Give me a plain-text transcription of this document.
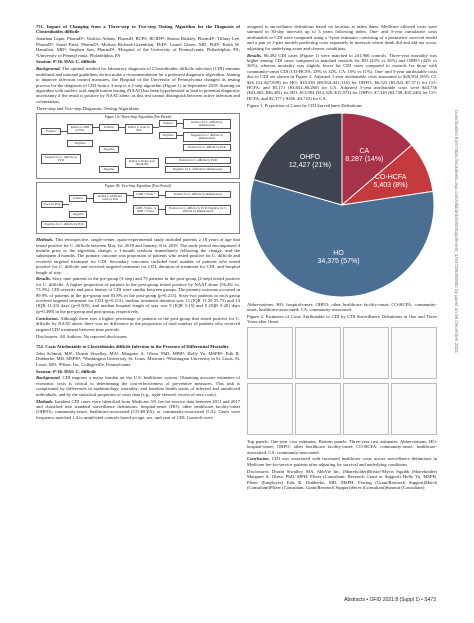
751. Impact of Changing from a Three-step to Two-step Testing Algorithm for the Diagnosis of Clostridioides difficile

Jonathan Lapin, PharmD¹; Vasilios Athans, PharmD, BCPS, BCIDP¹; Shawn Binkley, PharmD¹; Tiffany Lee, PharmD²; Sonal Patel, PharmD²; Melissa Richard-Greenblatt, PhD²; Laurel Glaser, MD, PhD²; Keith W. Hamilton, MD²; Stephen Saw, PharmD¹; ¹Hospital of the University of Pennsylvania, Philadelphia, PA; ²University of Pennsylvania, Philadelphia, PA

Session: P-36. HAI: C. difficile

Background. The optimal method for laboratory diagnosis of Clostridioides difficile infection (CDI) remains undefined and national guidelines do not make a recommendation for a preferred diagnostic algorithm. Aiming to improve infection control measures, the Hospital of the University of Pennsylvania changed its testing process for the diagnosis of CDI from a 3-step to a 2-step algorithm (Figure 1) in September 2018. Starting an algorithm with nucleic acid amplification testing (NAAT) has been hypothesized to lead to potential diagnostic uncertainty if the result is positive by NAAT alone, as this test cannot distinguish between active infection and colonization.

Three-step and Two-step Diagnostic Testing Algorithms

Figure 1A: Three-Step Algorithm (Pre-Period)
Positive
Reflex to GDH by EIA
Negative
Negative for C. difficile by PCR
Positive	Reflex to toxin by EIA
Positive	Positive for C. difficile by immunoassay
Negative	Negative for C. difficile by immunoassay
Negative	Positive for C. difficile by PCR
Reflex to PCR (cycle threshold)
Negative
Positive for C. difficile by PCR
Negative for C. difficile by immunoassay
Figure 1B: Two-Step Algorithm (Post-Period)
Stool for PCR
Positive	Reflex to GDH and toxin by EIA
Negative
Negative for C. difficile by PCR
GDH +/Toxin +	Positive for C. difficile by immunoassay
GDH -/Toxin - or GDH +/Toxin -
Positive for C. difficile by PCR; Negative for C. difficile by immunoassay

Methods. This retrospective, single-center, quasi-experimental study included patients ≥ 18 years of age that tested positive for C. difficile between May 1st, 2018 and January 31st, 2019. The study period encompassed 4 months prior to the algorithm change, a 1-month washout immediately following the change, and the subsequent 4 months. The primary outcome was proportion of patients who tested positive for C. difficile and received targeted treatment for CDI. Secondary outcomes included total number of patients who tested positive for C. difficile and received targeted treatment for CDI, duration of treatment for CDI, and hospital length of stay.

Results. Sixty nine patients in the pre-group (3-step) and 75 patients in the post-group (2-step) tested positive for C. difficile. A higher proportion of patients in the post-group tested positive by NAAT alone (56.4% vs. 73.3%). CDI severity and prior history of CDI were similar between groups. The primary outcome occurred in 89.9% of patients in the pre-group and 83.8% in the post-group (p=0.213). Sixty-two patients in each group received targeted treatment for CDI (p=0.213), median treatment duration was 13 (IQR 11.25-25.75) and 14 (IQR 11-25) days (p=0.505), and median hospital length of stay was 9 (IQR 3-15) and 8 (IQR 3-20) days (p=0.490) in the pre-group and post-group, respectively.

Conclusion. Although there was a higher percentage of patients in the post-group that tested positive for C. difficile by NAAT alone, there was no difference in the proportion of total number of patients who received targeted CDI treatment between time periods.

Disclosures. All Authors: No reported disclosures

752. Costs Attributable to Clostridioides difficile Infection in the Presence of Differential Mortality

John Schmitt, MS¹; Dustin Stwalley, MA¹; Margaret A. Olsen, PhD, MPH²; Holly Yu, MSPH³; Erik R. Dubberke, MD, MSPH¹; ¹Washington University, St. Louis, Missouri; ²Washington University in St. Louis, St. Louis, MO; ³Pfizer, Inc, Collegeville, Pennsylvania

Session: P-36. HAI: C. difficile

Background. CDI imposes a major burden on the U.S. healthcare system. Obtaining accurate estimates of economic costs is critical to determining the cost-effectiveness of preventive measures. This task is complicated by differences in epidemiology, mortality, and baseline health status of infected and uninfected individuals, and by the statistical properties of costs data (e.g., right-skewed, excess of zero costs).

Methods. Incident CDI cases were identified from Medicare 5% fee-for-service data between 2011 and 2017 and classified into standard surveillance definitions: hospital-onset (HO), other healthcare facility-onset (OHFO), community-onset, healthcare-associated (CO-HCFA), or community-associated (CA). Cases were frequency matched 1:4 to uninfected controls based on age, sex, and year of CDI. Controls were

assigned to surveillance definitions based on location at index dates. Medicare allowed costs were summed in 30-day intervals up to 3 years following index. One- and 3-year cumulative costs attributable to CDI were computed using a 3-part estimator consisting of a parametric survival model and a pair of 2-part models predicting costs separately in intervals where death did and did not occur, adjusting for underlying acute and chronic conditions.

Results. 80,492 CDI cases (Figure 1) were matched to 241,966 controls. Three-year mortality was higher among CDI cases compared to matched controls for HO (43% vs 26%) and OHFO (42% vs 36%), whereas mortality was slightly lower for CDI cases compared to controls for those with community-onset CDI (CO-HCFA: 28% vs 32%, CA: 10% vs 11%). One- and 3-year attributable costs due to CDI are shown in Figure 2. Adjusted 1-year attributable costs amounted to $26,954 (95% CI: $26,154–$27,839) for HO; $10,339 ($9,564–$11,516) for OHFO; $6,523 ($5,822–$7,371) for CO-HCFA; and $5,171 ($3,841–$6,260) for CA. Adjusted 3-year attributable costs were $44,736 ($43,065–$46,481) for HO; $13,994 ($12,329–$15,973) for OHFO; $7,349 ($4,738–$10,246) for CO-HCFA; and $2,377 (-$166–$4,722) for CA.

Figure 1. Proportion of Cases by CDI Surveillance Definitions

CA
8,287 (14%)
CO-HCFA
5,403 (8%)
HO
34,375 (57%)
OHFO
12,427 (21%)

Abbreviations: HO: hospital-onset; OHFO: other healthcare facility-onset; CO-HCFA: community-onset, healthcare-associated; CA: community-associated.

Figure 2. Estimates of Costs Attributable to CDI by CDI Surveillance Definitions at One and Three Years after Onset

Top panels: One-year cost estimates. Bottom panels: Three-year cost estimates. Abbreviations: HO: hospital-onset; OHFO: other healthcare facility-onset; CO-HCFA: community-onset, healthcare-associated; CA: community-associated.

Conclusion. CDI was associated with increased healthcare costs across surveillance definitions in Medicare fee-for-service patients after adjusting for survival and underlying conditions.

Disclosures. Dustin Stwalley, MA, AbbVie Inc. (Shareholder)Bristol-Myers Squibb (Shareholder) Margaret A. Olsen, PhD, MPH, Pfizer (Consultant, Research Grant or Support) Holly Yu, MSPH, Pfizer (Employee) Erik R. Dubberke, MD, MSPH, Ferring (Grant/Research Support)Merck (Consultant)Pfizer (Consultant, Grant/Research Support)Seres (Consultant)Summit (Consultant)

Abstracts • OFID 2021:8 (Suppl 1) • S473
Downloaded from https://academic.oup.com/ofid/article/8/Supplement_1/S473/6450582 by guest on 06 December 2021
